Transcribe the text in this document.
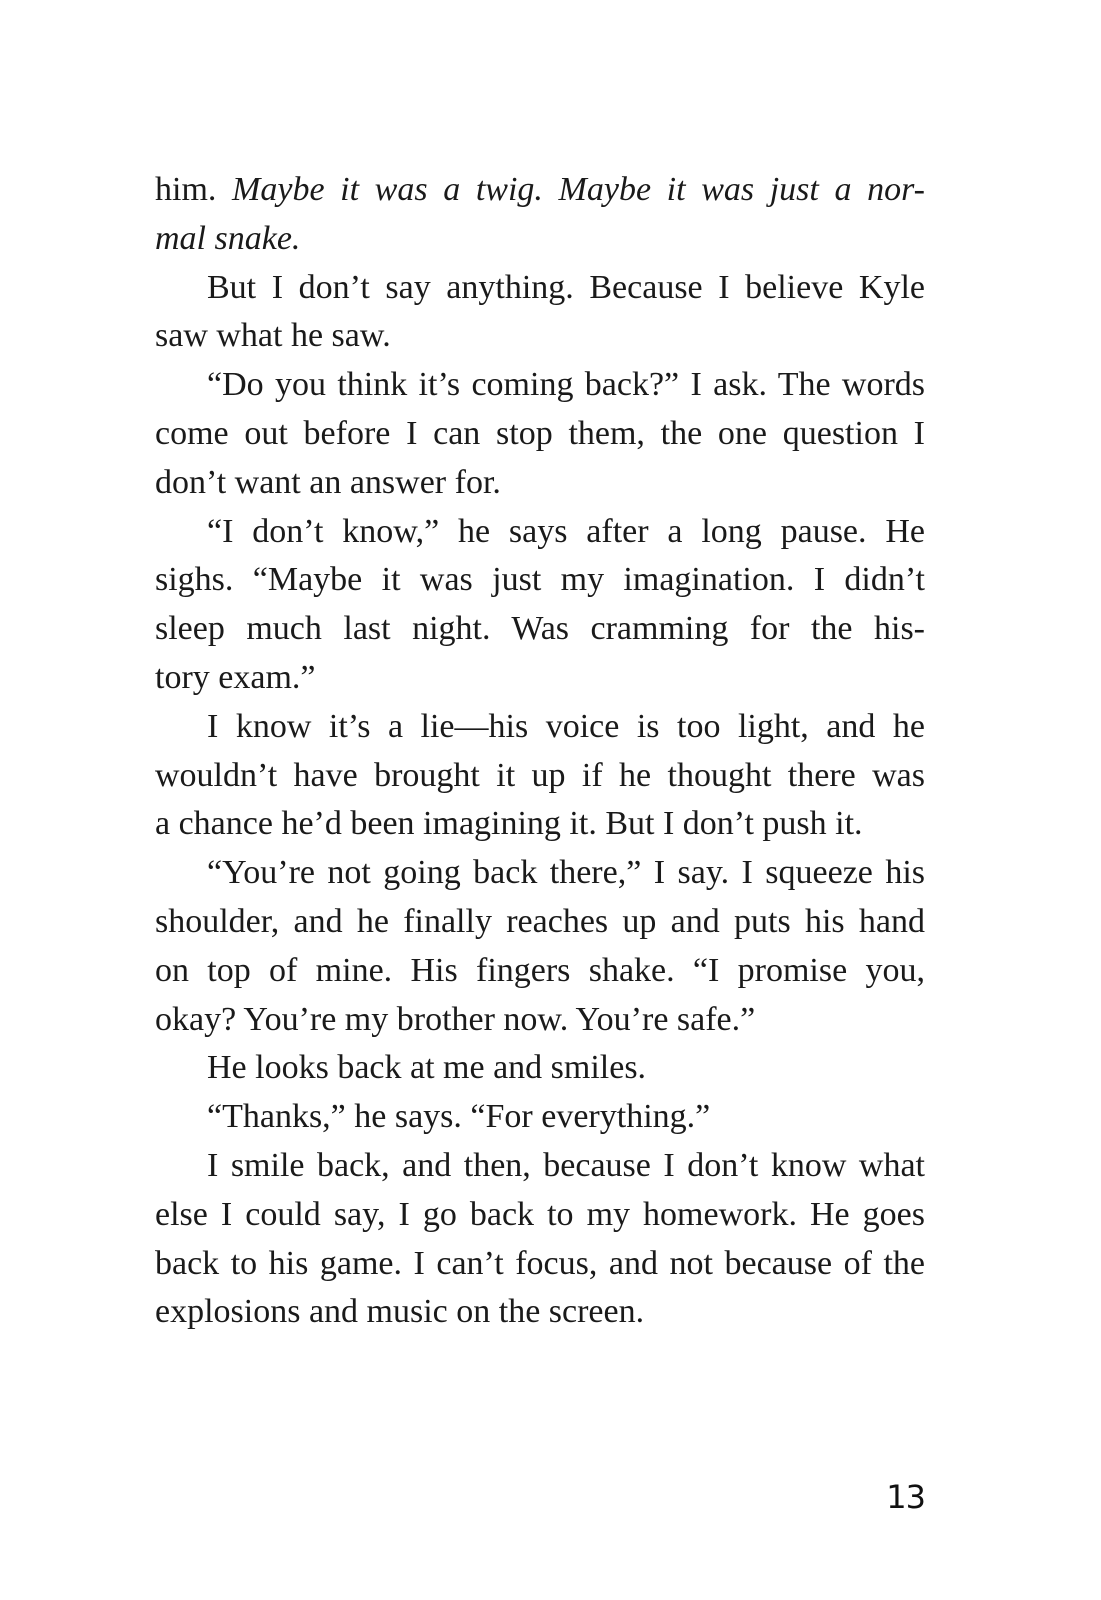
him. Maybe it was a twig. Maybe it was just a nor-
mal snake.
But I don’t say anything. Because I believe Kyle
saw what he saw.
“Do you think it’s coming back?” I ask. The words
come out before I can stop them, the one question I
don’t want an answer for.
“I don’t know,” he says after a long pause. He
sighs. “Maybe it was just my imagination. I didn’t
sleep much last night. Was cramming for the his-
tory exam.”
I know it’s a lie—his voice is too light, and he
wouldn’t have brought it up if he thought there was
a chance he’d been imagining it. But I don’t push it.
“You’re not going back there,” I say. I squeeze his
shoulder, and he finally reaches up and puts his hand
on top of mine. His fingers shake. “I promise you,
okay? You’re my brother now. You’re safe.”
He looks back at me and smiles.
“Thanks,” he says. “For everything.”
I smile back, and then, because I don’t know what
else I could say, I go back to my homework. He goes
back to his game. I can’t focus, and not because of the
explosions and music on the screen.
13
